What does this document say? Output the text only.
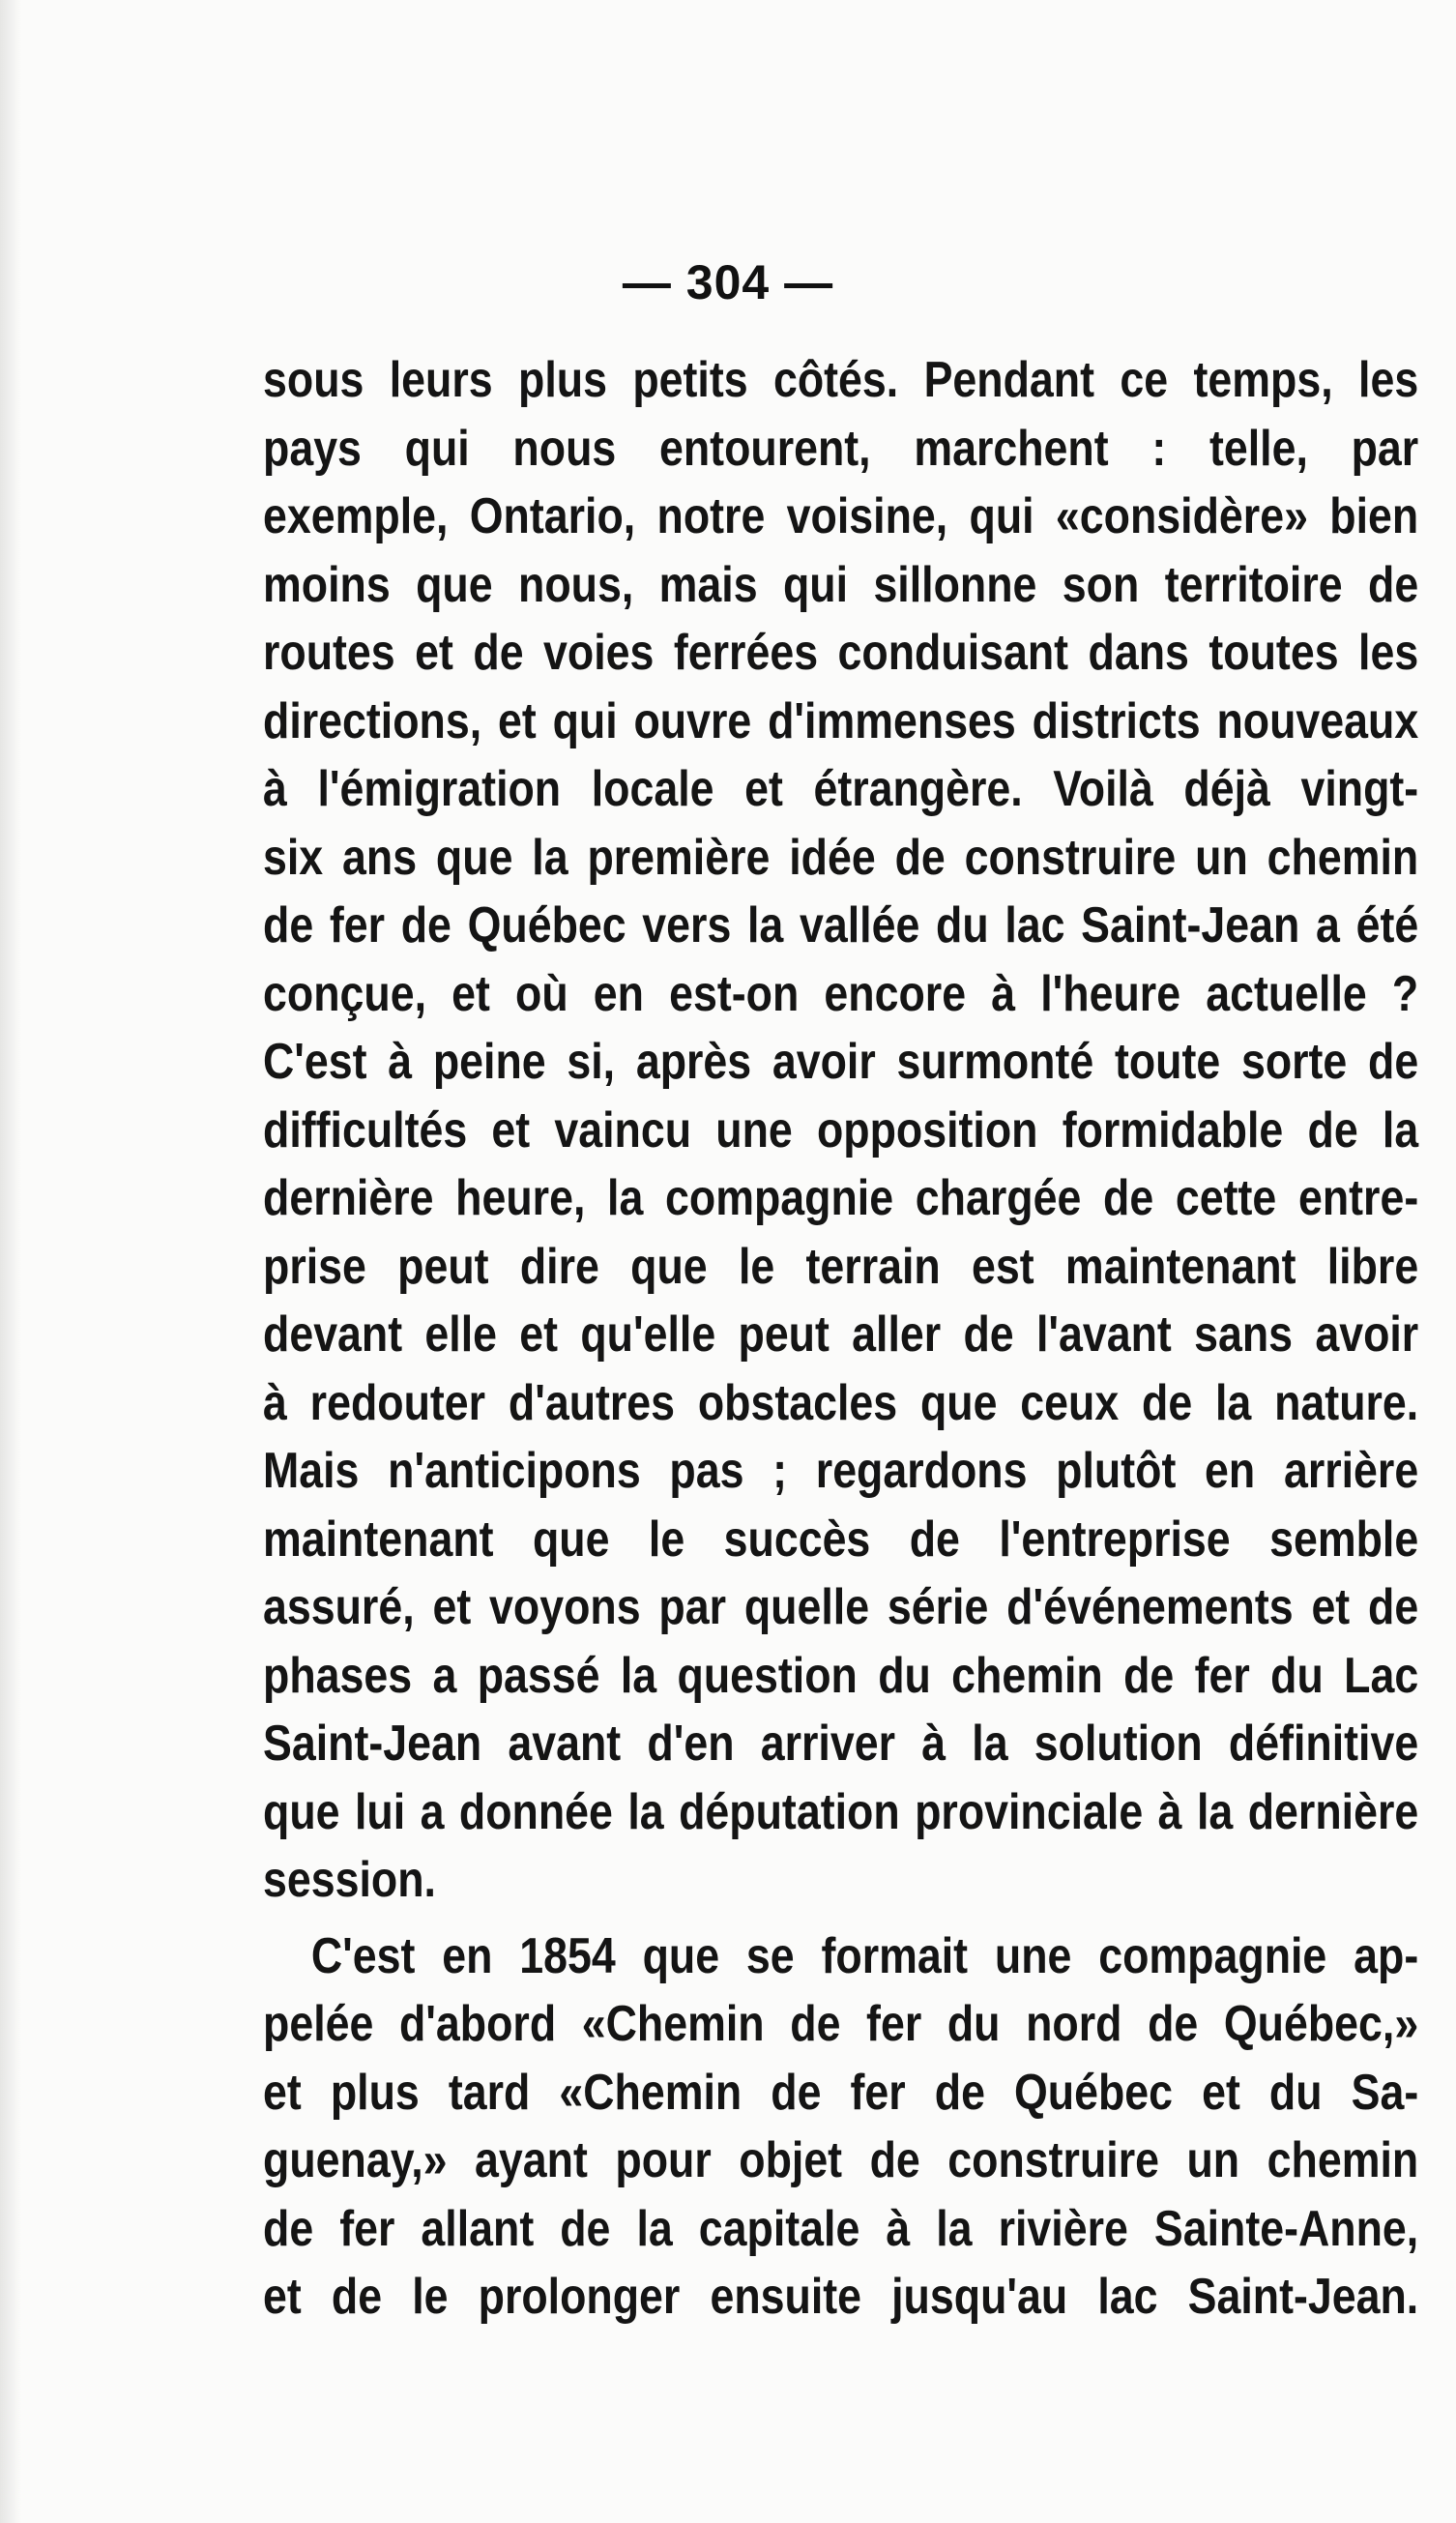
— 304 —
sous leurs plus petits côtés. Pendant ce temps, les
pays qui nous entourent, marchent : telle, par
exemple, Ontario, notre voisine, qui «considère» bien
moins que nous, mais qui sillonne son territoire de
routes et de voies ferrées conduisant dans toutes les
directions, et qui ouvre d'immenses districts nouveaux
à l'émigration locale et étrangère. Voilà déjà vingt-
six ans que la première idée de construire un chemin
de fer de Québec vers la vallée du lac Saint-Jean a été
conçue, et où en est-on encore à l'heure actuelle ?
C'est à peine si, après avoir surmonté toute sorte de
difficultés et vaincu une opposition formidable de la
dernière heure, la compagnie chargée de cette entre-
prise peut dire que le terrain est maintenant libre
devant elle et qu'elle peut aller de l'avant sans avoir
à redouter d'autres obstacles que ceux de la nature.
Mais n'anticipons pas ; regardons plutôt en arrière
maintenant que le succès de l'entreprise semble
assuré, et voyons par quelle série d'événements et de
phases a passé la question du chemin de fer du Lac
Saint-Jean avant d'en arriver à la solution définitive
que lui a donnée la députation provinciale à la dernière
session.
C'est en 1854 que se formait une compagnie ap-
pelée d'abord «Chemin de fer du nord de Québec,»
et plus tard «Chemin de fer de Québec et du Sa-
guenay,» ayant pour objet de construire un chemin
de fer allant de la capitale à la rivière Sainte-Anne,
et de le prolonger ensuite jusqu'au lac Saint-Jean.
